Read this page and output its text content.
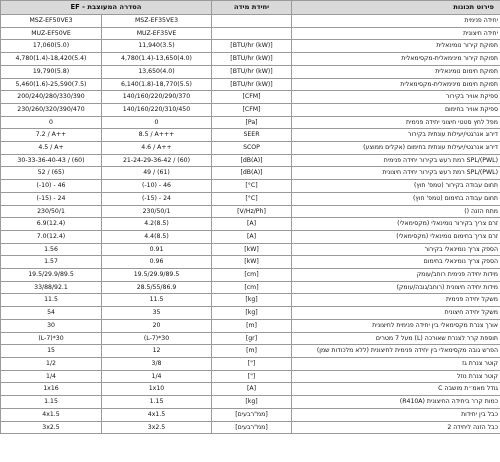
EF - הסדרה המעוצבת		יחידת מידה	פירוט תכונות
MSZ-EF50VE3	MSZ-EF35VE3		יחידה פנימית
MUZ-EF50VE	MUZ-EF35VE		יחידה חיצונית
17,060(5.0)	11,940(3.5)	[BTU/hr (kW)]	תפוקת קירור נומינאלית
4,780(1.4)-18,420(5.4)	4,780(1.4)-13,650(4.0)	[BTU/hr (kW)]	תפוקת קירור מינימאלית-מקסימאלית
19,790(5.8)	13,650(4.0)	[BTU/hr (kW)]	תפוקת חימום נומינאלית
5,460(1.6)-25,590(7.5)	6,140(1.8)-18,770(5.5)	[BTU/hr (kW)]	תפוקת חימום מינימאלית-מקסימאלית
200/240/280/330/390	140/160/220/290/370	[CFM]	ספיקת אוויר בקירור
230/260/320/390/470	140/160/220/310/450	[CFM]	ספיקת אוויר בחימום
0	0	[Pa]	מפל לחץ סטטי חיצוני יחידה פנימית
7.2 / A++	8.5 / A+++	SEER	דירוג אנרגטי/יעילות עונתית בקירור
4.5 / A+	4.6 / A++	SCOP	דירוג אנרגטי/יעילות עונתית בחימום (אקלים ממוצע)
30-33-36-40-43 / (60)	21-24-29-36-42 / (60)	[dB(A)]	SPL/(PWL) רמת רעש בקירור יחידה פנימית
52 / (65)	49 / (61)	[dB(A)]	SPL/(PWL) רמת רעש בקירור יחידה חיצונית
(-10) - 46	(-10) - 46	[°C]	תחום עבודה בקירור (טמפ' חוץ)
(-15) - 24	(-15) - 24	[°C]	תחום עבודה בחימום (טמפ' חוץ)
230/50/1	230/50/1	[V/Hz/Ph]	מתח הזנה ()
6.9(12.4)	4.2(8.5)	[A]	זרם צריך בקירור נומינאלי (מקסימאלי)
7.0(12.4)	4.4(8.5)	[A]	זרם צריך בחימום נומינאלי (מקסימאלי)
1.56	0.91	[kW]	הספק צריך נומינאלי בקירור
1.57	0.96	[kW]	הספק צריך נומינאלי בחימום
19.5/29.9/89.5	19.5/29.9/89.5	[cm]	מידות יחידה פנימית רוחב/עומק
33/88/92.1	28.5/55/86.9	[cm]	מידות יחידה חיצונית (רוחב/גובה/עומק)
11.5	11.5	[kg]	משקל יחידה פנימית
54	35	[kg]	משקל יחידה חיצונית
30	20	[m]	אורך צנרת מקסימאלי בין יחידה פנימית לחיצונית
(L-7)*30	(L-7)*30	[gr]	תוספת קרר לצנרת שאורכה (L) מעל 7 מטרים
15	12	[m]	הפרש גובה מקסימאלי בין יחידה פנימית לחיצונית (ללא מלכודות שמן)
1/2	3/8	["]	קוטר צנרת גז
1/4	1/4	["]	קוטר צנרת נוזל
1x16	1x10	[A]	גודל מאמ״ת מושבה C
1.15	1.15	[kg]	כמות קרר ביחידה החיצונית (R410A)
4x1.5	4x1.5	[ממ"רבעים]	כבל בין יחידות
3x2.5	3x2.5	[ממ"רבעים]	כבל הזנה ליחידה 2
